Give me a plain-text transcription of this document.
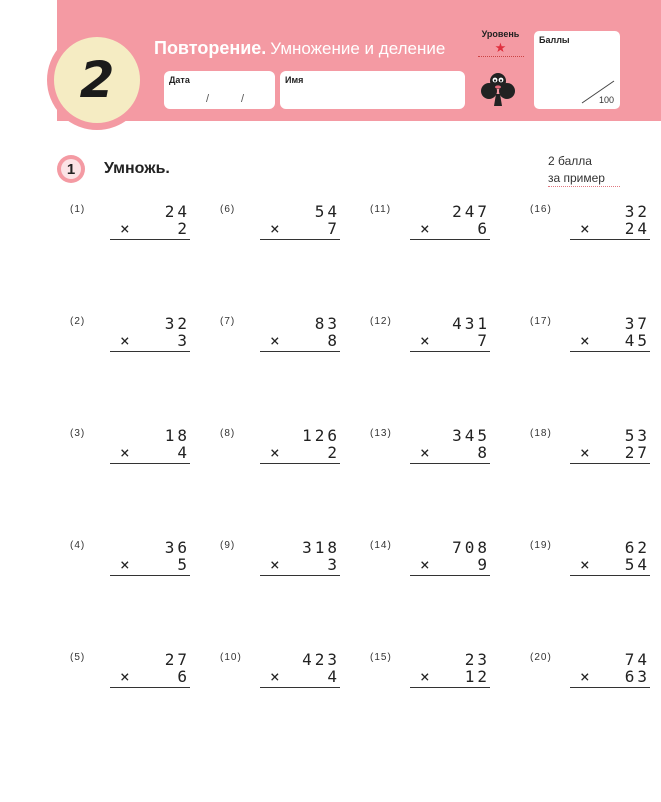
2
Повторение. Умножение и деление
Дата
/	/
Имя
Уровень
★	Баллы
100
1	Умножь.	2 балла

за пример
(1)	24
×	2
(2)	32
×	3
(3)	18
×	4
(4)	36
×	5
(5)	27
×	6
(6)	54
×	7
(7)	83
×	8
(8)	126
×	2
(9)	318
×	3
(10)	423
×	4
(11)	247
×	6
(12)	431
×	7
(13)	345
×	8
(14)	708
×	9
(15)	23
× 12
(16)	32
× 24
(17)	37
× 45
(18)	53
× 27
(19)	62
× 54
(20)	74
× 63
